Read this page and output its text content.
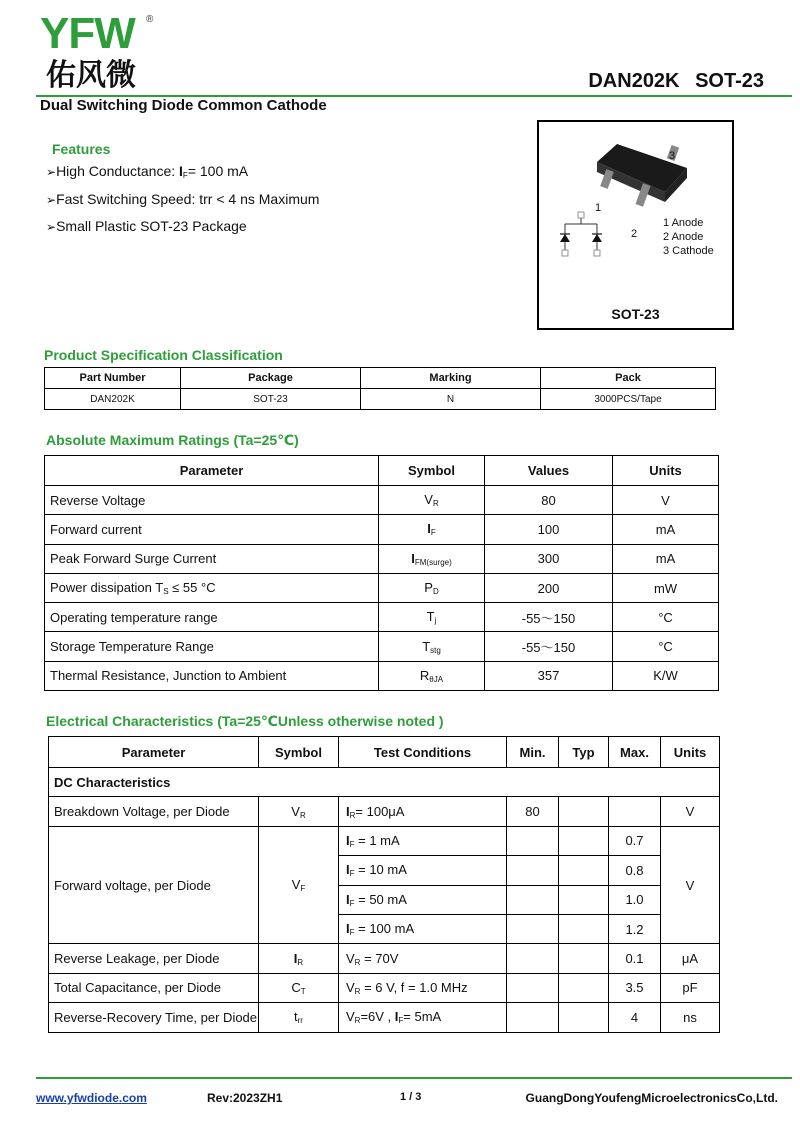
YFW ®
佑风微	DAN202K SOT-23
Dual Switching Diode Common Cathode
Features
➢High Conductance: $I_F= 100$ mA
➢Fast Switching Speed: trr < 4 ns Maximum
➢Small Plastic SOT-23 Package
1
2
3
1 Anode
2 Anode
3 Cathode
SOT-23
Product Specification Classification
Part Number	Package	Marking	Pack
DAN202K	SOT-23	N	3000PCS/Tape
Absolute Maximum Ratings (Ta=25℃)
Parameter	Symbol	Values	Units
Reverse Voltage	$V_R$	80	V
Forward current	$I_F$	100	mA
Peak Forward Surge Current	$I_{FM(surge)}$	300	mA
Power dissipation $T_S \le 55$ °C	$P_D$	200	mW
Operating temperature range	$T_j$	-55～150	°C
Storage Temperature Range	$T_{stg}$	-55～150	°C
Thermal Resistance, Junction to Ambient	$R_{\theta JA}$	357	K/W
Electrical Characteristics (Ta=25℃Unless otherwise noted )
Parameter	Symbol	Test Conditions	Min.	Typ	Max.	Units
DC Characteristics						
Breakdown Voltage, per Diode	$V_R$	$I_R= 100\mu A$	80			V
Forward voltage, per Diode	$V_F$	$I_F = 1$ mA			0.7	V
		$I_F = 10$ mA			0.8	
		$I_F = 50$ mA			1.0	
		$I_F = 100$ mA			1.2	
Reverse Leakage, per Diode	$I_R$	$V_R = 70V$			0.1	μA
Total Capacitance, per Diode	$C_T$	$V_R = 6$ V, f = 1.0 MHz			3.5	pF
Reverse-Recovery Time, per Diode	$t_{rr}$	$V_R=6V$ , $I_F= 5mA$			4	ns
www.yfwdiode.com	Rev:2023ZH1	1 / 3	GuangDongYoufengMicroelectronicsCo,Ltd.
